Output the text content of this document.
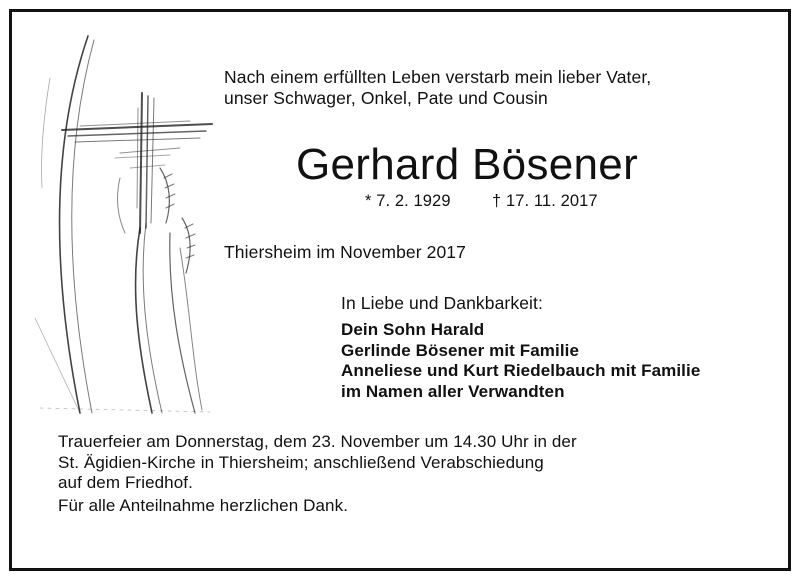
Nach einem erfüllten Leben verstarb mein lieber Vater,
unser Schwager, Onkel, Pate und Cousin
Gerhard Bösener
* 7. 2. 1929	† 17. 11. 2017
Thiersheim im November 2017
In Liebe und Dankbarkeit:
Dein Sohn Harald
Gerlinde Bösener mit Familie
Anneliese und Kurt Riedelbauch mit Familie
im Namen aller Verwandten
Trauerfeier am Donnerstag, dem 23. November um 14.30 Uhr in der
St. Ägidien-Kirche in Thiersheim; anschließend Verabschiedung
auf dem Friedhof.
Für alle Anteilnahme herzlichen Dank.
